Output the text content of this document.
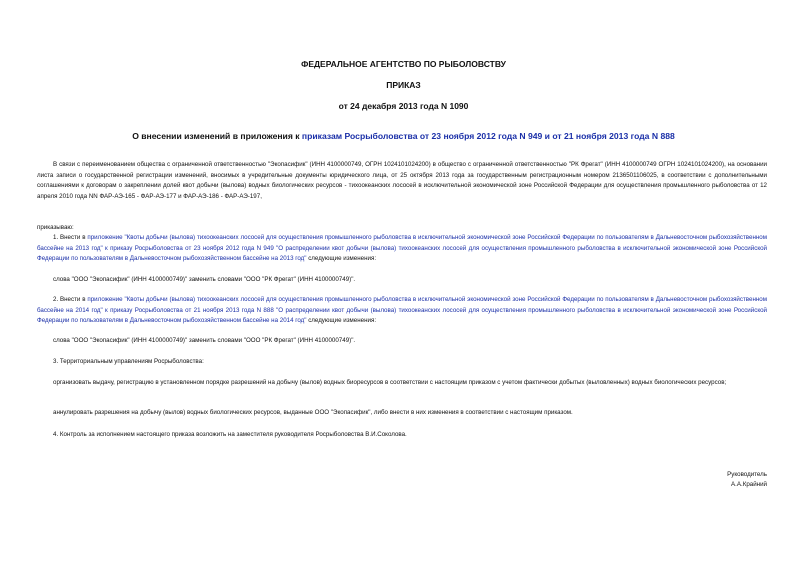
ФЕДЕРАЛЬНОЕ АГЕНТСТВО ПО РЫБОЛОВСТВУ
ПРИКАЗ
от 24 декабря 2013 года N 1090
О внесении изменений в приложения к приказам Росрыболовства от 23 ноября 2012 года N 949 и от 21 ноября 2013 года N 888
В связи с переименованием общества с ограниченной ответственностью "Экопасифик" (ИНН 4100000749, ОГРН 1024101024200) в общество с ограниченной ответственностью "РК Фрегат" (ИНН 4100000749 ОГРН 1024101024200), на основании листа записи о государственной регистрации изменений, вносимых в учредительные документы юридического лица, от 25 октября 2013 года за государственным регистрационным номером 2136501106025, в соответствии с дополнительными соглашениями к договорам о закреплении долей квот добычи (вылова) водных биологических ресурсов - тихоокеанских лососей в исключительной экономической зоне Российской Федерации для осуществления промышленного рыболовства от 12 апреля 2010 года NN ФАР-АЭ-165 - ФАР-АЭ-177 и ФАР-АЭ-186 - ФАР-АЭ-197,
приказываю:
1. Внести в приложение "Квоты добычи (вылова) тихоокеанских лососей для осуществления промышленного рыболовства в исключительной экономической зоне Российской Федерации по пользователям в Дальневосточном рыбохозяйственном бассейне на 2013 год" к приказу Росрыболовства от 23 ноября 2012 года N 949 "О распределении квот добычи (вылова) тихоокеанских лососей для осуществления промышленного рыболовства в исключительной экономической зоне Российской Федерации по пользователям в Дальневосточном рыбохозяйственном бассейне на 2013 год" следующие изменения:
слова "ООО "Экопасифик" (ИНН 4100000749)" заменить словами "ООО "РК Фрегат" (ИНН 4100000749)".
2. Внести в приложение "Квоты добычи (вылова) тихоокеанских лососей для осуществления промышленного рыболовства в исключительной экономической зоне Российской Федерации по пользователям в Дальневосточном рыбохозяйственном бассейне на 2014 год" к приказу Росрыболовства от 21 ноября 2013 года N 888 "О распределении квот добычи (вылова) тихоокеанских лососей для осуществления промышленного рыболовства в исключительной экономической зоне Российской Федерации по пользователям в Дальневосточном рыбохозяйственном бассейне на 2014 год" следующие изменения:
слова "ООО "Экопасифик" (ИНН 4100000749)" заменить словами "ООО "РК Фрегат" (ИНН 4100000749)".
3. Территориальным управлениям Росрыболовства:
организовать выдачу, регистрацию в установленном порядке разрешений на добычу (вылов) водных биоресурсов в соответствии с настоящим приказом с учетом фактически добытых (выловленных) водных биологических ресурсов;
аннулировать разрешения на добычу (вылов) водных биологических ресурсов, выданные ООО "Экопасифик", либо внести в них изменения в соответствии с настоящим приказом.
4. Контроль за исполнением настоящего приказа возложить на заместителя руководителя Росрыболовства В.И.Соколова.
Руководитель
А.А.Крайний
